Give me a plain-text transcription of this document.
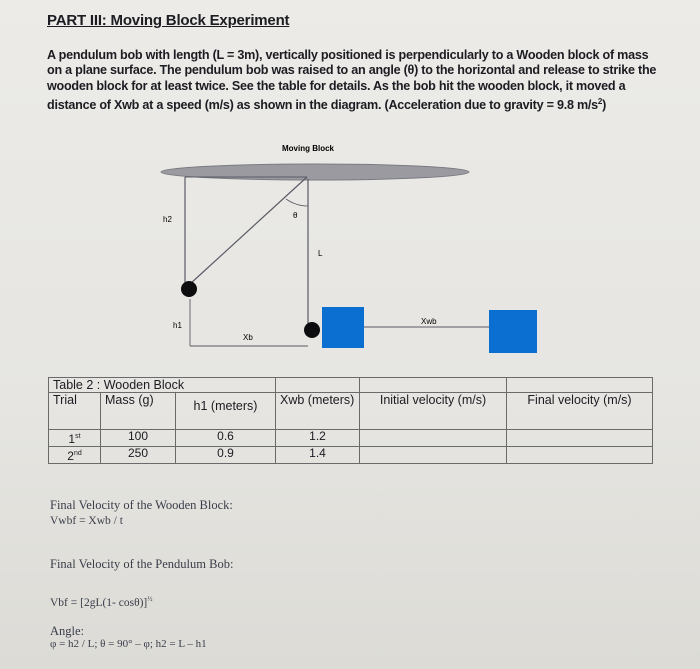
PART III: Moving Block Experiment
A pendulum bob with length (L = 3m), vertically positioned is perpendicularly to a Wooden block of mass on a plane surface. The pendulum bob was raised to an angle (θ) to the horizontal and release to strike the wooden block for at least twice. See the table for details. As the bob hit the wooden block, it moved a distance of Xwb at a speed (m/s) as shown in the diagram. (Acceleration due to gravity = 9.8 $m/s^2$)
Moving Block
θ
L
h2
h1
Xb
Xwb
Table 2 : Wooden Block					
Trial	Mass (g)	h1 (meters)	Xwb (meters)	Initial velocity (m/s)	Final velocity (m/s)
1st	100	0.6	1.2		
2nd	250	0.9	1.4		
Final Velocity of the Wooden Block:
Vwbf = Xwb / t
Final Velocity of the Pendulum Bob:
Vbf = [2gL(1- cosθ)]$^{\frac{1}{2}}$
Angle:
φ = h2 / L; θ = 90° – φ; h2 = L – h1
